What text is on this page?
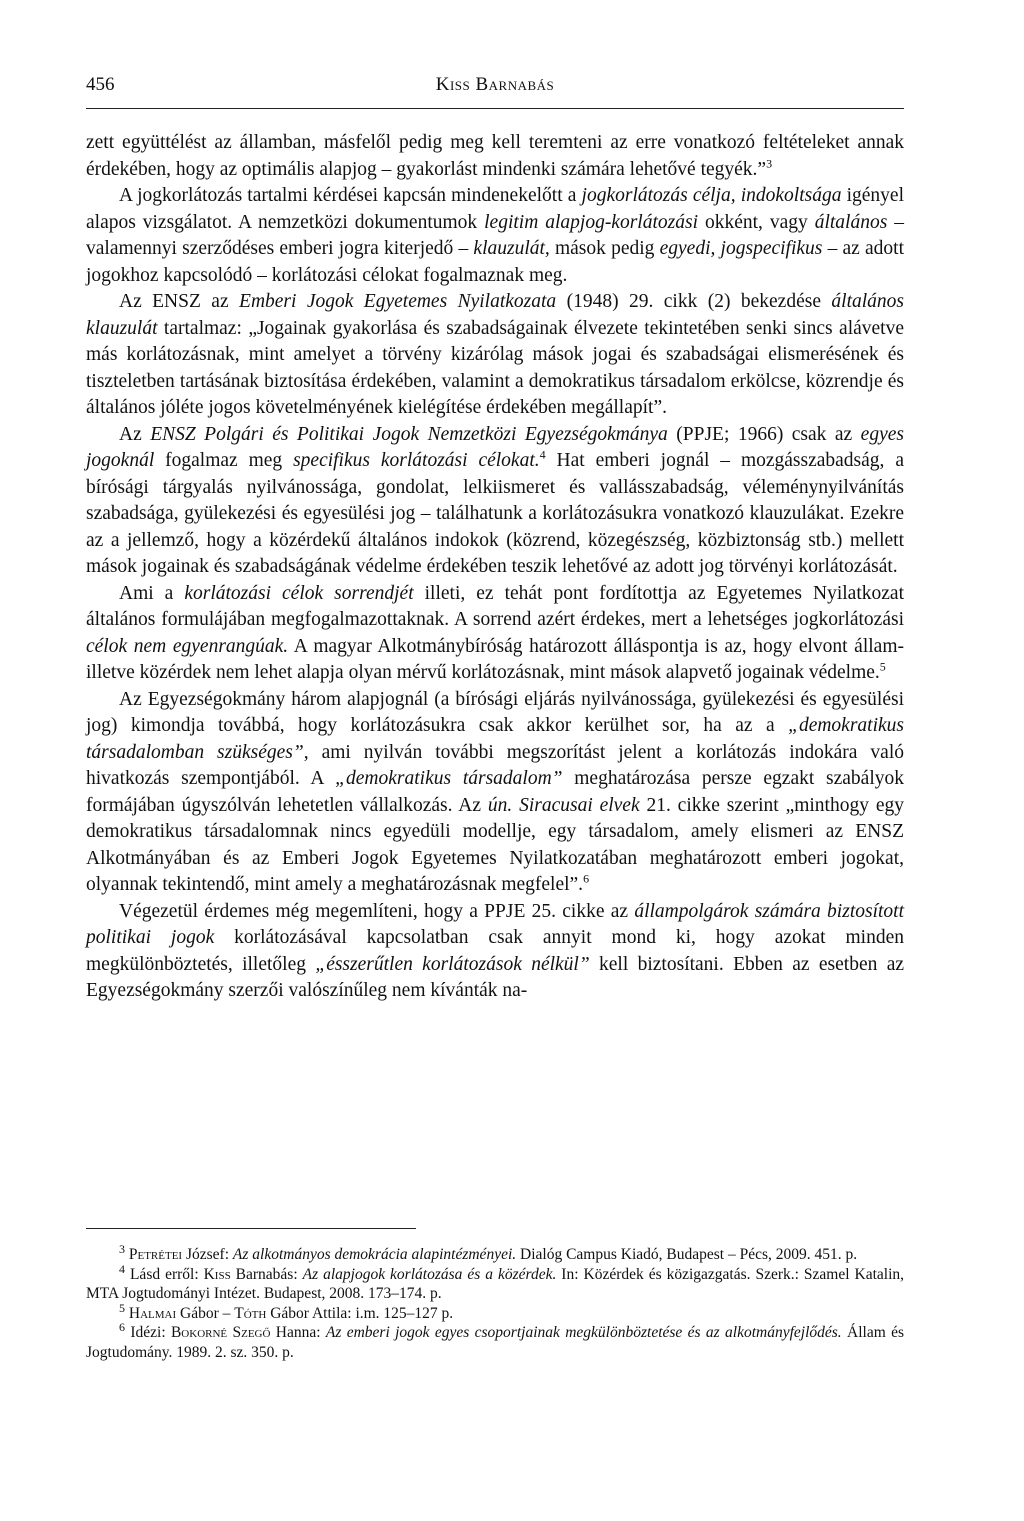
456	Kiss Barnabás

zett együttélést az államban, másfelől pedig meg kell teremteni az erre vonatkozó feltételeket annak érdekében, hogy az optimális alapjog – gyakorlást mindenki számára lehetővé tegyék.”$^3$

A jogkorlátozás tartalmi kérdései kapcsán mindenekelőtt a jogkorlátozás célja, indokoltsága igényel alapos vizsgálatot. A nemzetközi dokumentumok legitim alapjog-korlátozási okként, vagy általános – valamennyi szerződéses emberi jogra kiterjedő – klauzulát, mások pedig egyedi, jogspecifikus – az adott jogokhoz kapcsolódó – korlátozási célokat fogalmaznak meg.

Az ENSZ az Emberi Jogok Egyetemes Nyilatkozata (1948) 29. cikk (2) bekezdése általános klauzulát tartalmaz: „Jogainak gyakorlása és szabadságainak élvezete tekintetében senki sincs alávetve más korlátozásnak, mint amelyet a törvény kizárólag mások jogai és szabadságai elismerésének és tiszteletben tartásának biztosítása érdekében, valamint a demokratikus társadalom erkölcse, közrendje és általános jóléte jogos követelményének kielégítése érdekében megállapít”.

Az ENSZ Polgári és Politikai Jogok Nemzetközi Egyezségokmánya (PPJE; 1966) csak az egyes jogoknál fogalmaz meg specifikus korlátozási célokat.$^4$ Hat emberi jognál – mozgásszabadság, a bírósági tárgyalás nyilvánossága, gondolat, lelkiismeret és vallásszabadság, véleménynyilvánítás szabadsága, gyülekezési és egyesülési jog – találhatunk a korlátozásukra vonatkozó klauzulákat. Ezekre az a jellemző, hogy a közérdekű általános indokok (közrend, közegészség, közbiztonság stb.) mellett mások jogainak és szabadságának védelme érdekében teszik lehetővé az adott jog törvényi korlátozását.

Ami a korlátozási célok sorrendjét illeti, ez tehát pont fordítottja az Egyetemes Nyilatkozat általános formulájában megfogalmazottaknak. A sorrend azért érdekes, mert a lehetséges jogkorlátozási célok nem egyenrangúak. A magyar Alkotmánybíróság határozott álláspontja is az, hogy elvont állam- illetve közérdek nem lehet alapja olyan mérvű korlátozásnak, mint mások alapvető jogainak védelme.$^5$

Az Egyezségokmány három alapjognál (a bírósági eljárás nyilvánossága, gyülekezési és egyesülési jog) kimondja továbbá, hogy korlátozásukra csak akkor kerülhet sor, ha az a „demokratikus társadalomban szükséges”, ami nyilván további megszorítást jelent a korlátozás indokára való hivatkozás szempontjából. A „demokratikus társadalom” meghatározása persze egzakt szabályok formájában úgyszólván lehetetlen vállalkozás. Az ún. Siracusai elvek 21. cikke szerint „minthogy egy demokratikus társadalomnak nincs egyedüli modellje, egy társadalom, amely elismeri az ENSZ Alkotmányában és az Emberi Jogok Egyetemes Nyilatkozatában meghatározott emberi jogokat, olyannak tekintendő, mint amely a meghatározásnak megfelel”.$^6$

Végezetül érdemes még megemlíteni, hogy a PPJE 25. cikke az állampolgárok számára biztosított politikai jogok korlátozásával kapcsolatban csak annyit mond ki, hogy azokat minden megkülönböztetés, illetőleg „ésszerűtlen korlátozások nélkül” kell biztosítani. Ebben az esetben az Egyezségokmány szerzői valószínűleg nem kívánták na-

$^3$ Petrétei József: Az alkotmányos demokrácia alapintézményei. Dialóg Campus Kiadó, Budapest – Pécs, 2009. 451. p.

$^4$ Lásd erről: Kiss Barnabás: Az alapjogok korlátozása és a közérdek. In: Közérdek és közigazgatás. Szerk.: Szamel Katalin, MTA Jogtudományi Intézet. Budapest, 2008. 173–174. p.

$^5$ Halmai Gábor – Tóth Gábor Attila: i.m. 125–127 p.

$^6$ Idézi: Bokorné Szegő Hanna: Az emberi jogok egyes csoportjainak megkülönböztetése és az alkotmányfejlődés. Állam és Jogtudomány. 1989. 2. sz. 350. p.
